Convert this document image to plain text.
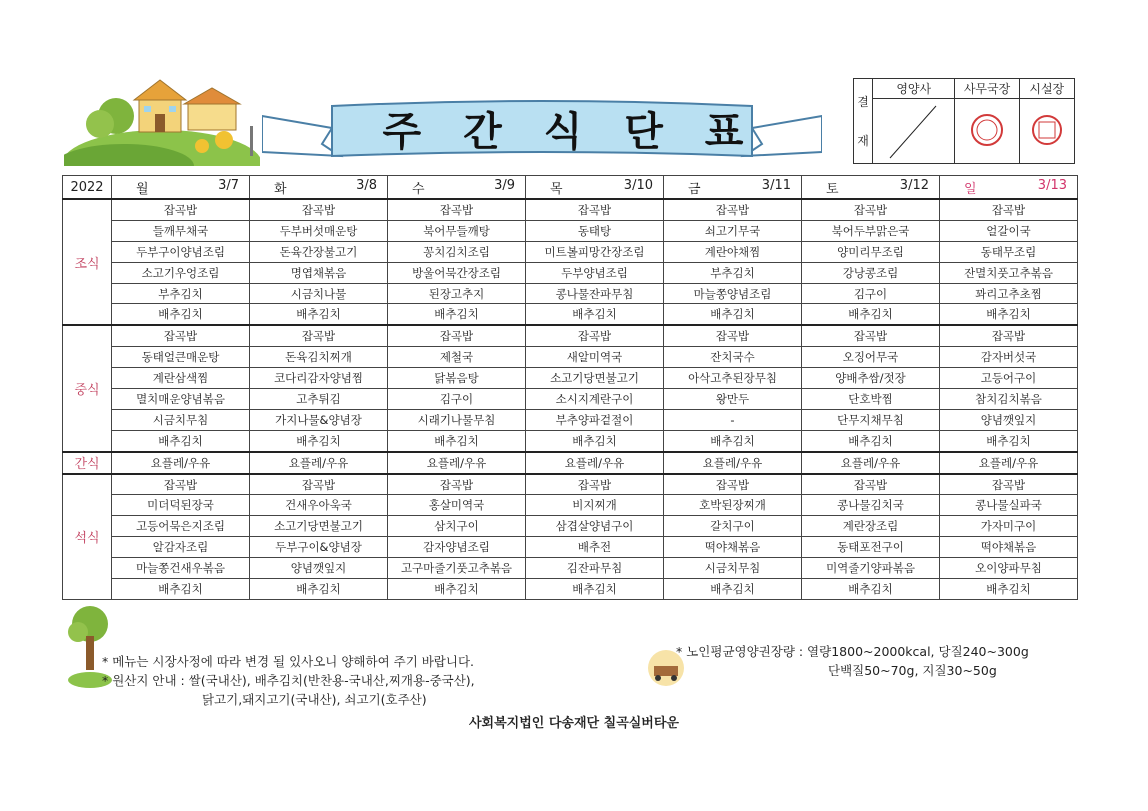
주 간 식 단 표
결
재	영양사	사무국장	시설장

2022	월 3/7	화 3/8	수 3/9	목 3/10	금 3/11	토 3/12	일 3/13

조식	잡곡밥	잡곡밥	잡곡밥	잡곡밥	잡곡밥	잡곡밥	잡곡밥
	들깨무채국	두부버섯매운탕	북어무들깨탕	동태탕	쇠고기무국	북어두부맑은국	얼갈이국
	두부구이양념조림	돈육간장불고기	꽁치김치조림	미트볼피망간장조림	계란야채찜	양미리무조림	동태무조림
	소고기우엉조림	명엽채볶음	방울어묵간장조림	두부양념조림	부추김치	강낭콩조림	잔멸치풋고추볶음
	부추김치	시금치나물	된장고추지	콩나물잔파무침	마늘쫑양념조림	김구이	꽈리고추초찜
	배추김치	배추김치	배추김치	배추김치	배추김치	배추김치	배추김치
중식	잡곡밥	잡곡밥	잡곡밥	잡곡밥	잡곡밥	잡곡밥	잡곡밥
	동태얼큰매운탕	돈육김치찌개	제철국	새알미역국	잔치국수	오징어무국	감자버섯국
	계란삼색찜	코다리감자양념찜	닭볶음탕	소고기당면불고기	아삭고추된장무침	양배추쌈/젓장	고등어구이
	멸치매운양념볶음	고추튀김	김구이	소시지계란구이	왕만두	단호박찜	참치김치볶음
	시금치무침	가지나물&양념장	시래기나물무침	부추양파겉절이	-	단무지채무침	양념깻잎지
	배추김치	배추김치	배추김치	배추김치	배추김치	배추김치	배추김치
간식	요플레/우유	요플레/우유	요플레/우유	요플레/우유	요플레/우유	요플레/우유	요플레/우유
석식	잡곡밥	잡곡밥	잡곡밥	잡곡밥	잡곡밥	잡곡밥	잡곡밥
	미더덕된장국	건새우아욱국	홍살미역국	비지찌개	호박된장찌개	콩나물김치국	콩나물실파국
	고등어묵은지조림	소고기당면불고기	삼치구이	삼겹살양념구이	갈치구이	계란장조림	가자미구이
	알감자조림	두부구이&양념장	감자양념조림	배추전	떡야채볶음	동태포전구이	떡야채볶음
	마늘쫑건새우볶음	양념깻잎지	고구마줄기풋고추볶음	김잔파무침	시금치무침	미역줄기양파볶음	오이양파무침
	배추김치	배추김치	배추김치	배추김치	배추김치	배추김치	배추김치
* 메뉴는 시장사정에 따라 변경 될 있사오니 양해하여 주기 바랍니다.
* 원산지 안내 : 쌀(국내산), 배추김치(반찬용-국내산,찌개용-중국산),
닭고기,돼지고기(국내산), 쇠고기(호주산)
* 노인평균영양권장량 : 열량1800~2000kcal, 당질240~300g
단백질50~70g, 지질30~50g
사회복지법인 다송재단 칠곡실버타운
